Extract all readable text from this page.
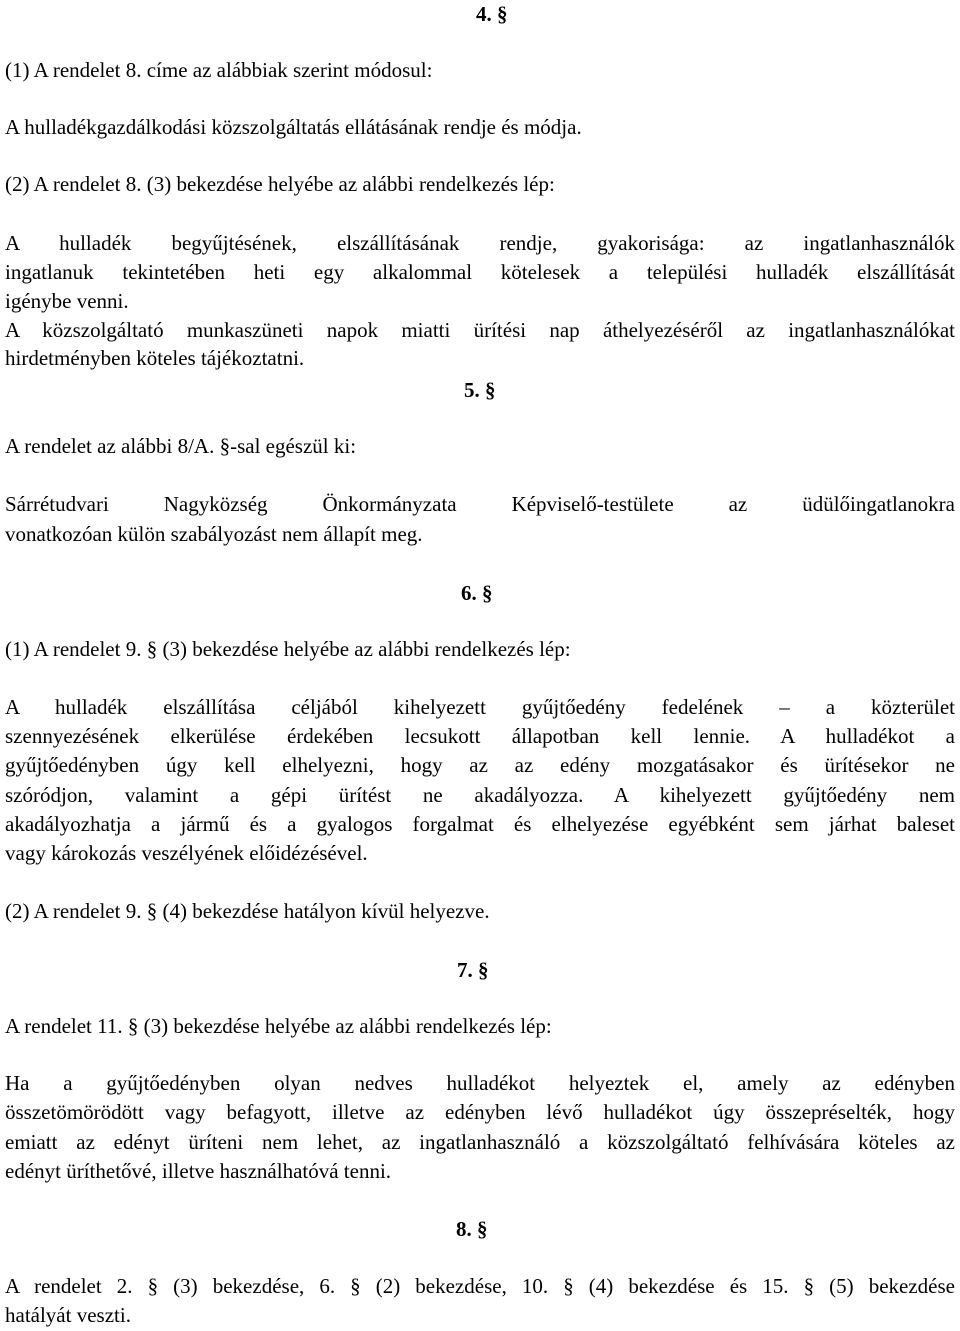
4. §
(1) A rendelet 8. címe az alábbiak szerint módosul:
A hulladékgazdálkodási közszolgáltatás ellátásának rendje és módja.
(2) A rendelet 8. (3) bekezdése helyébe az alábbi rendelkezés lép:
A hulladék begyűjtésének, elszállításának rendje, gyakorisága: az ingatlanhasználók
ingatlanuk tekintetében heti egy alkalommal kötelesek a települési hulladék elszállítását
igénybe venni.
A közszolgáltató munkaszüneti napok miatti ürítési nap áthelyezéséről az ingatlanhasználókat
hirdetményben köteles tájékoztatni.
5. §
A rendelet az alábbi 8/A. §-sal egészül ki:
Sárrétudvari Nagyközség Önkormányzata Képviselő-testülete az üdülőingatlanokra
vonatkozóan külön szabályozást nem állapít meg.
6. §
(1) A rendelet 9. § (3) bekezdése helyébe az alábbi rendelkezés lép:
A hulladék elszállítása céljából kihelyezett gyűjtőedény fedelének – a közterület
szennyezésének elkerülése érdekében lecsukott állapotban kell lennie. A hulladékot a
gyűjtőedényben úgy kell elhelyezni, hogy az az edény mozgatásakor és ürítésekor ne
szóródjon, valamint a gépi ürítést ne akadályozza. A kihelyezett gyűjtőedény nem
akadályozhatja a jármű és a gyalogos forgalmat és elhelyezése egyébként sem járhat baleset
vagy károkozás veszélyének előidézésével.
(2) A rendelet 9. § (4) bekezdése hatályon kívül helyezve.
7. §
A rendelet 11. § (3) bekezdése helyébe az alábbi rendelkezés lép:
Ha a gyűjtőedényben olyan nedves hulladékot helyeztek el, amely az edényben
összetömörödött vagy befagyott, illetve az edényben lévő hulladékot úgy összepréselték, hogy
emiatt az edényt üríteni nem lehet, az ingatlanhasználó a közszolgáltató felhívására köteles az
edényt üríthetővé, illetve használhatóvá tenni.
8. §
A rendelet 2. § (3) bekezdése, 6. § (2) bekezdése, 10. § (4) bekezdése és 15. § (5) bekezdése
hatályát veszti.
